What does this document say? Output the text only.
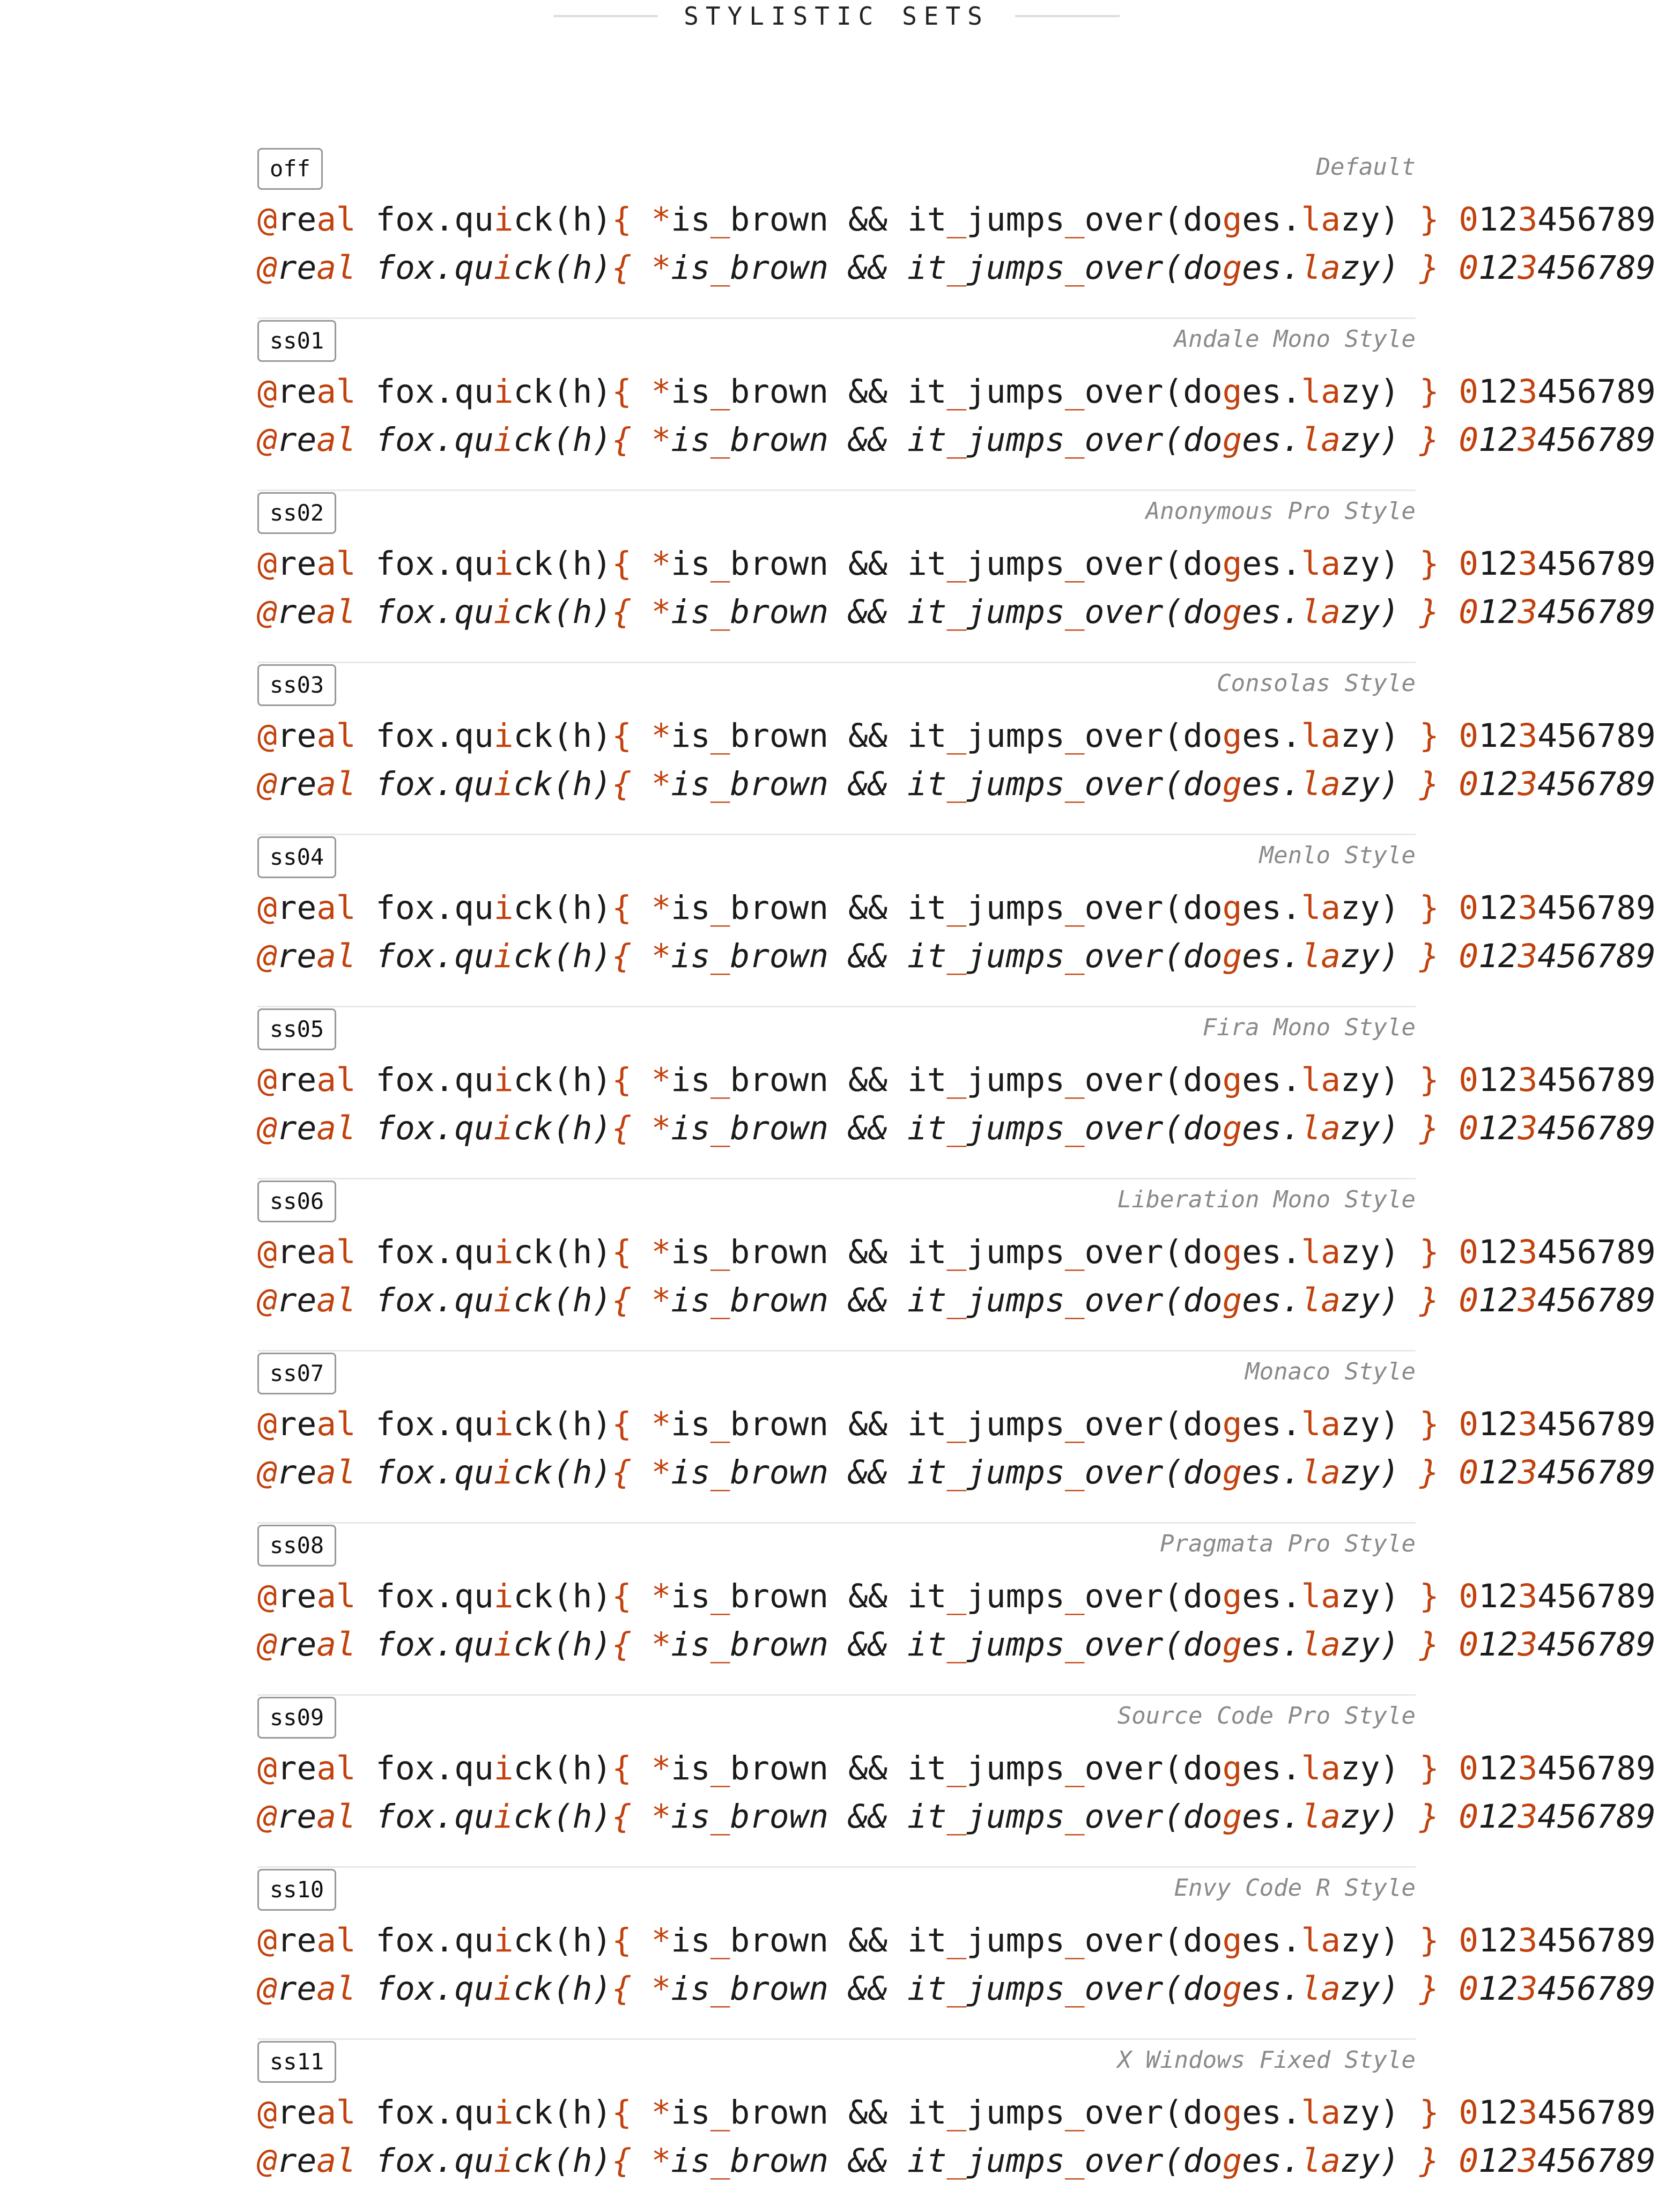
STYLISTIC SETS
off	Default
@real fox.quick(h){ *is_brown && it_jumps_over(doges.lazy) } 0123456789
@real fox.quick(h){ *is_brown && it_jumps_over(doges.lazy) } 0123456789
ss01	Andale Mono Style
@real fox.quick(h){ *is_brown && it_jumps_over(doges.lazy) } 0123456789
@real fox.quick(h){ *is_brown && it_jumps_over(doges.lazy) } 0123456789
ss02	Anonymous Pro Style
@real fox.quick(h){ *is_brown && it_jumps_over(doges.lazy) } 0123456789
@real fox.quick(h){ *is_brown && it_jumps_over(doges.lazy) } 0123456789
ss03	Consolas Style
@real fox.quick(h){ *is_brown && it_jumps_over(doges.lazy) } 0123456789
@real fox.quick(h){ *is_brown && it_jumps_over(doges.lazy) } 0123456789
ss04	Menlo Style
@real fox.quick(h){ *is_brown && it_jumps_over(doges.lazy) } 0123456789
@real fox.quick(h){ *is_brown && it_jumps_over(doges.lazy) } 0123456789
ss05	Fira Mono Style
@real fox.quick(h){ *is_brown && it_jumps_over(doges.lazy) } 0123456789
@real fox.quick(h){ *is_brown && it_jumps_over(doges.lazy) } 0123456789
ss06	Liberation Mono Style
@real fox.quick(h){ *is_brown && it_jumps_over(doges.lazy) } 0123456789
@real fox.quick(h){ *is_brown && it_jumps_over(doges.lazy) } 0123456789
ss07	Monaco Style
@real fox.quick(h){ *is_brown && it_jumps_over(doges.lazy) } 0123456789
@real fox.quick(h){ *is_brown && it_jumps_over(doges.lazy) } 0123456789
ss08	Pragmata Pro Style
@real fox.quick(h){ *is_brown && it_jumps_over(doges.lazy) } 0123456789
@real fox.quick(h){ *is_brown && it_jumps_over(doges.lazy) } 0123456789
ss09	Source Code Pro Style
@real fox.quick(h){ *is_brown && it_jumps_over(doges.lazy) } 0123456789
@real fox.quick(h){ *is_brown && it_jumps_over(doges.lazy) } 0123456789
ss10	Envy Code R Style
@real fox.quick(h){ *is_brown && it_jumps_over(doges.lazy) } 0123456789
@real fox.quick(h){ *is_brown && it_jumps_over(doges.lazy) } 0123456789
ss11	X Windows Fixed Style
@real fox.quick(h){ *is_brown && it_jumps_over(doges.lazy) } 0123456789
@real fox.quick(h){ *is_brown && it_jumps_over(doges.lazy) } 0123456789
